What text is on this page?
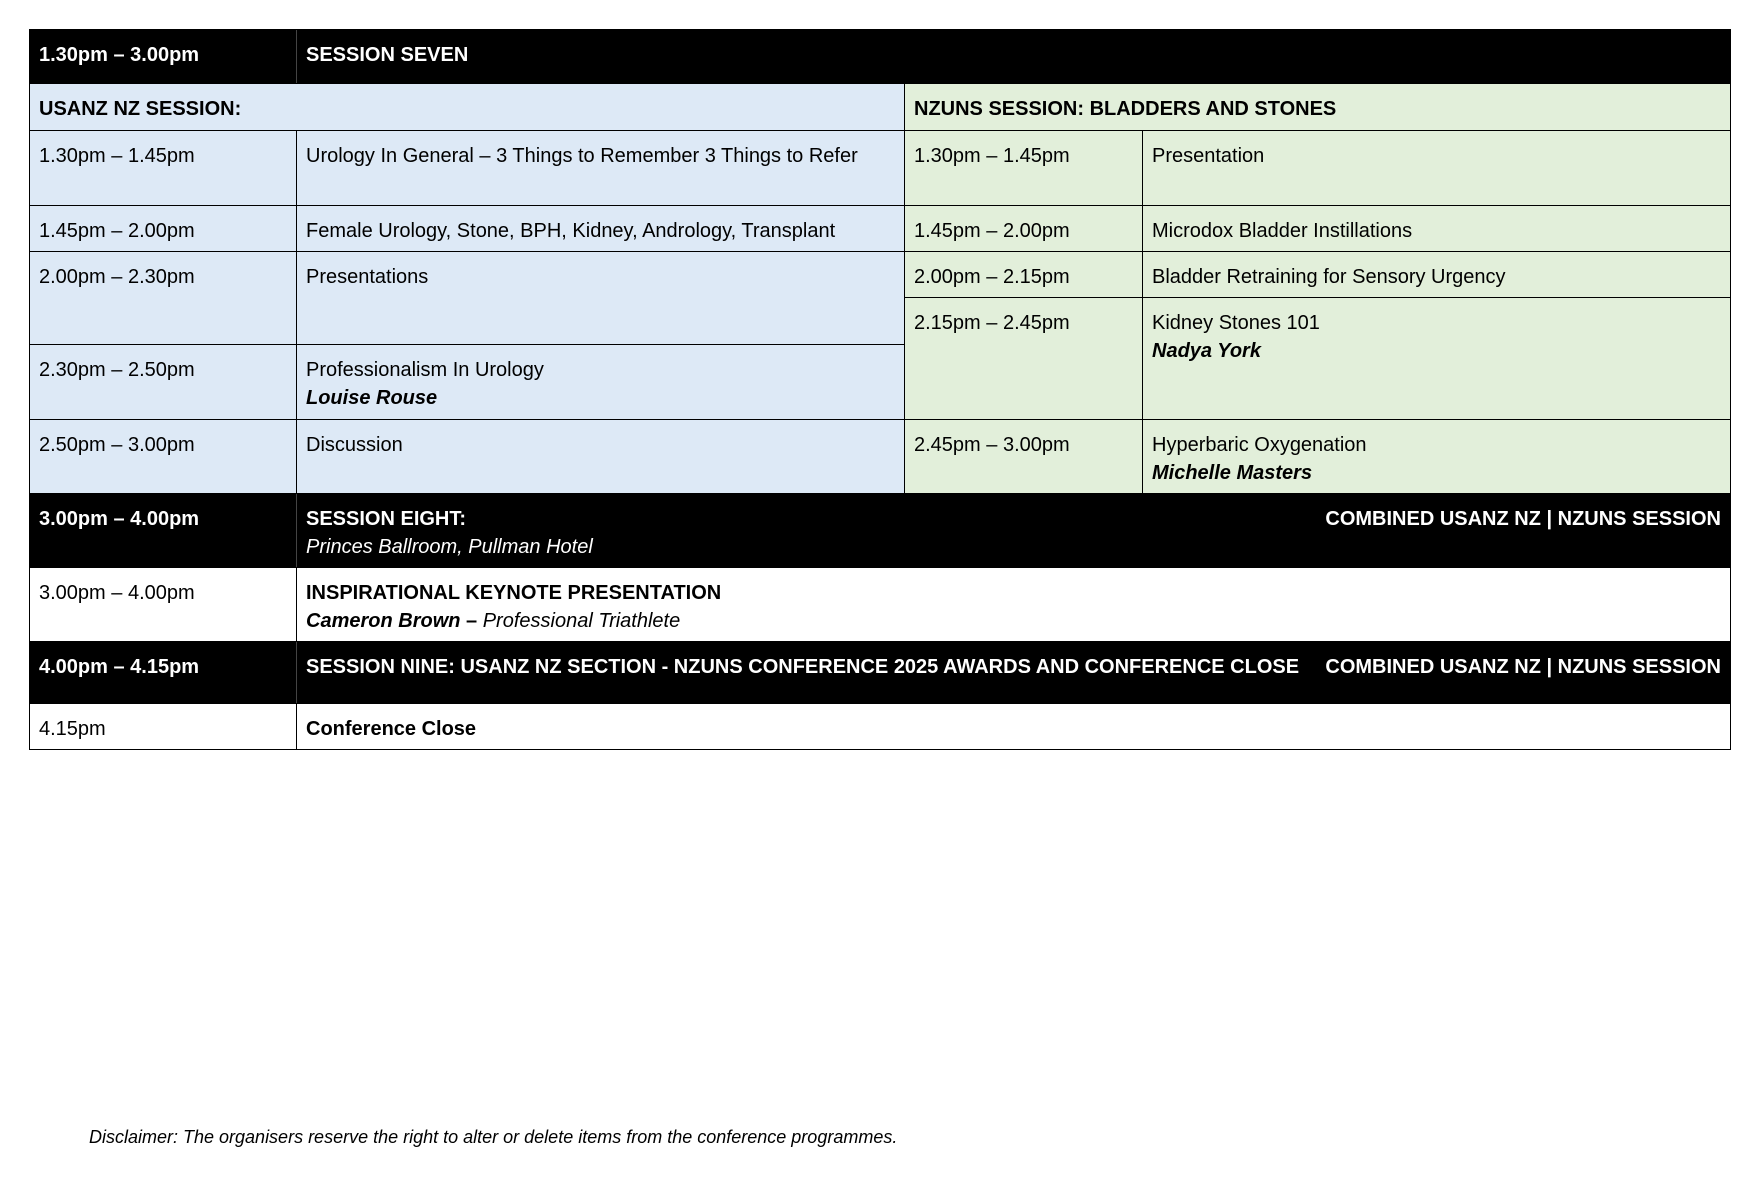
1.30pm – 3.00pm	SESSION SEVEN
USANZ NZ SESSION:	NZUNS SESSION: BLADDERS AND STONES
1.30pm – 1.45pm	Urology In General – 3 Things to Remember 3 Things to Refer
1.45pm – 2.00pm	Female Urology, Stone, BPH, Kidney, Andrology, Transplant
2.00pm – 2.30pm	Presentations
2.30pm – 2.50pm	Professionalism In Urology
Louise Rouse
2.50pm – 3.00pm	Discussion
1.30pm – 1.45pm	Presentation
1.45pm – 2.00pm	Microdox Bladder Instillations
2.00pm – 2.15pm	Bladder Retraining for Sensory Urgency
2.15pm – 2.45pm	Kidney Stones 101
Nadya York
2.45pm – 3.00pm	Hyperbaric Oxygenation
Michelle Masters
3.00pm – 4.00pm	SESSION EIGHT:
Princes Ballroom, Pullman Hotel
COMBINED USANZ NZ | NZUNS SESSION
3.00pm – 4.00pm	INSPIRATIONAL KEYNOTE PRESENTATION
Cameron Brown – Professional Triathlete
4.00pm – 4.15pm	SESSION NINE: USANZ NZ SECTION - NZUNS CONFERENCE 2025 AWARDS AND CONFERENCE CLOSE COMBINED USANZ NZ | NZUNS SESSION
4.15pm	Conference Close
Disclaimer: The organisers reserve the right to alter or delete items from the conference programmes.
